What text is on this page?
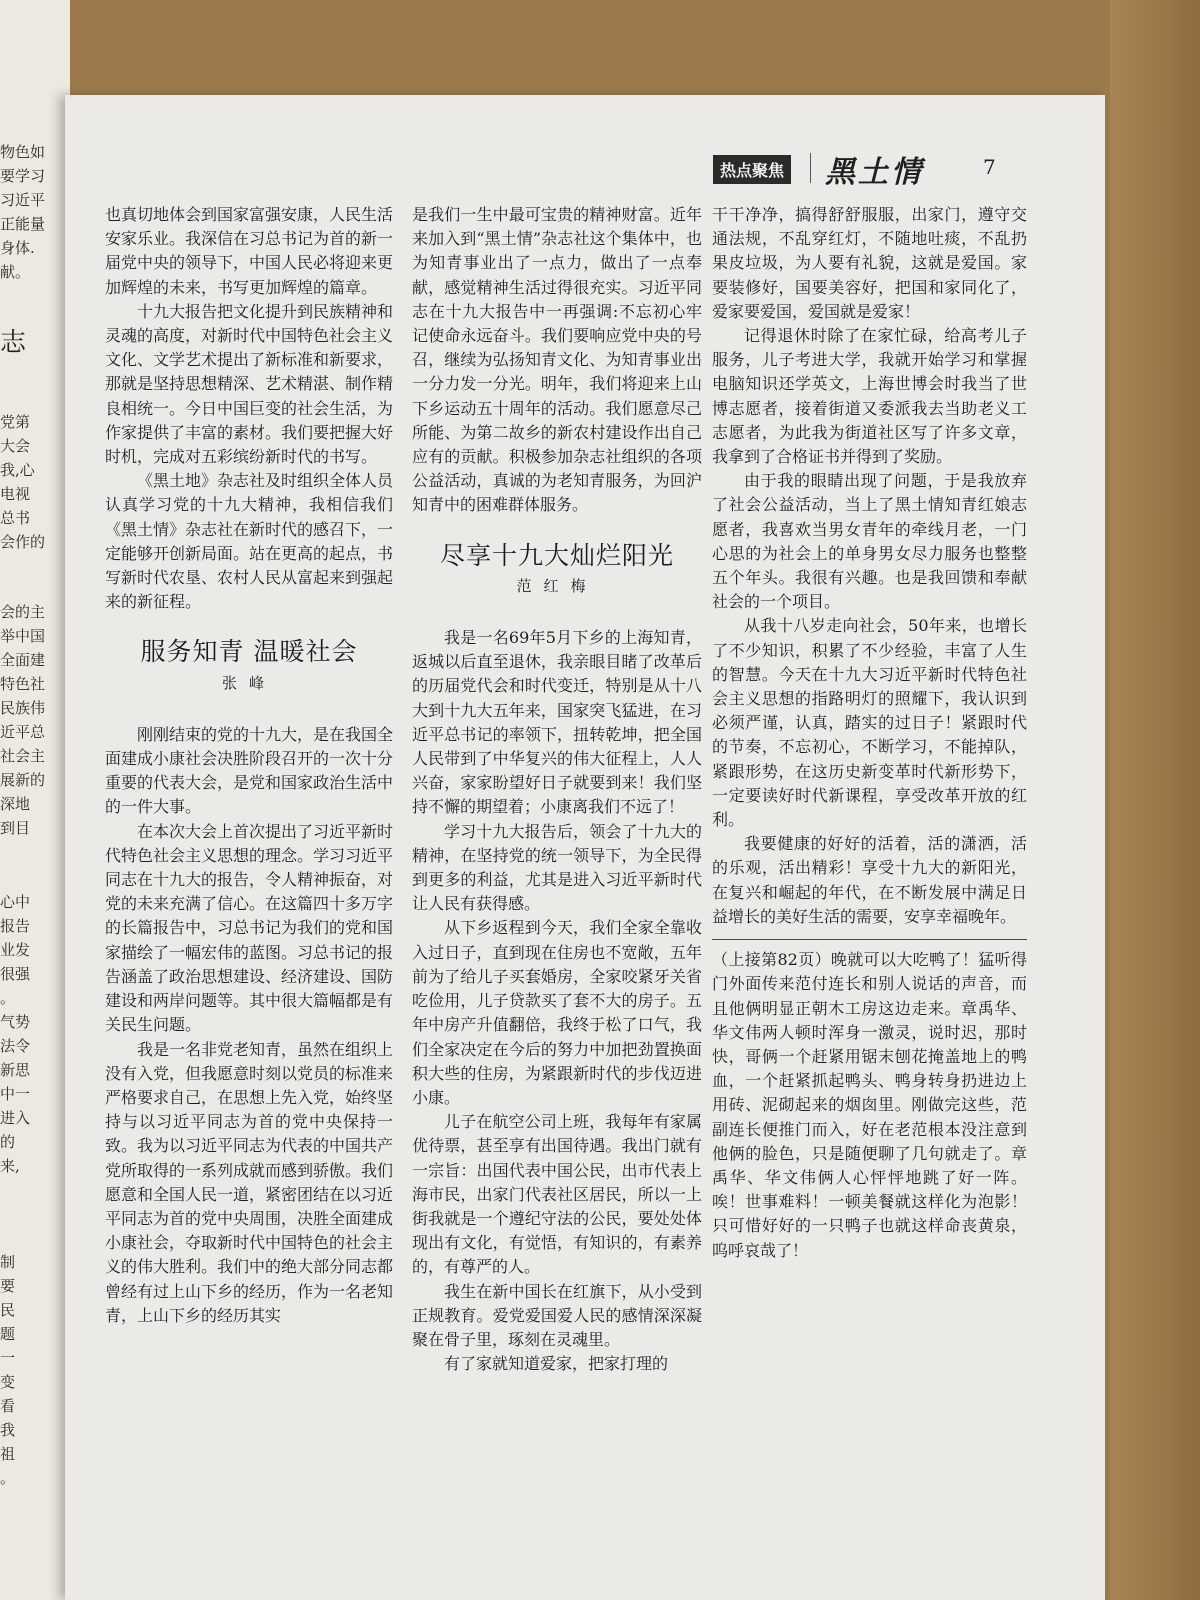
物色如
要学习
习近平
正能量
身体.
献。
志
党第
大会
我,心
电视
总书
会作的
会的主
举中国
全面建
特色社
民族伟
近平总
社会主
展新的
深地
到目
心中
报告
业发
很强
。
气势
法令
新思
中一
进入
的
来,
制
要
民
题
一
变
看
我
祖
。
热点聚焦 黑土情	7

也真切地体会到国家富强安康，人民生活安家乐业。我深信在习总书记为首的新一届党中央的领导下，中国人民必将迎来更加辉煌的未来，书写更加辉煌的篇章。

十九大报告把文化提升到民族精神和灵魂的高度，对新时代中国特色社会主义文化、文学艺术提出了新标准和新要求，那就是坚持思想精深、艺术精湛、制作精良相统一。今日中国巨变的社会生活，为作家提供了丰富的素材。我们要把握大好时机，完成对五彩缤纷新时代的书写。

《黑土地》杂志社及时组织全体人员认真学习党的十九大精神，我相信我们《黑土情》杂志社在新时代的感召下，一定能够开创新局面。站在更高的起点，书写新时代农垦、农村人民从富起来到强起来的新征程。

服务知青 温暖社会
张峰

刚刚结束的党的十九大，是在我国全面建成小康社会决胜阶段召开的一次十分重要的代表大会，是党和国家政治生活中的一件大事。

在本次大会上首次提出了习近平新时代特色社会主义思想的理念。学习习近平同志在十九大的报告，令人精神振奋，对党的未来充满了信心。在这篇四十多万字的长篇报告中，习总书记为我们的党和国家描绘了一幅宏伟的蓝图。习总书记的报告涵盖了政治思想建设、经济建设、国防建设和两岸问题等。其中很大篇幅都是有关民生问题。

我是一名非党老知青，虽然在组织上没有入党，但我愿意时刻以党员的标准来严格要求自己，在思想上先入党，始终坚持与以习近平同志为首的党中央保持一致。我为以习近平同志为代表的中国共产党所取得的一系列成就而感到骄傲。我们愿意和全国人民一道，紧密团结在以习近平同志为首的党中央周围，决胜全面建成小康社会，夺取新时代中国特色的社会主义的伟大胜利。我们中的绝大部分同志都曾经有过上山下乡的经历，作为一名老知青，上山下乡的经历其实

是我们一生中最可宝贵的精神财富。近年来加入到“黑土情”杂志社这个集体中，也为知青事业出了一点力，做出了一点奉献，感觉精神生活过得很充实。习近平同志在十九大报告中一再强调:不忘初心牢记使命永远奋斗。我们要响应党中央的号召，继续为弘扬知青文化、为知青事业出一分力发一分光。明年，我们将迎来上山下乡运动五十周年的活动。我们愿意尽己所能、为第二故乡的新农村建设作出自己应有的贡献。积极参加杂志社组织的各项公益活动，真诚的为老知青服务，为回沪知青中的困难群体服务。

尽享十九大灿烂阳光
范红梅

我是一名69年5月下乡的上海知青，返城以后直至退休，我亲眼目睹了改革后的历届党代会和时代变迁，特别是从十八大到十九大五年来，国家突飞猛进，在习近平总书记的率领下，扭转乾坤，把全国人民带到了中华复兴的伟大征程上，人人兴奋，家家盼望好日子就要到来！我们坚持不懈的期望着；小康离我们不远了！

学习十九大报告后，领会了十九大的精神，在坚持党的统一领导下，为全民得到更多的利益，尤其是进入习近平新时代让人民有获得感。

从下乡返程到今天，我们全家全靠收入过日子，直到现在住房也不宽敞，五年前为了给儿子买套婚房，全家咬紧牙关省吃俭用，儿子贷款买了套不大的房子。五年中房产升值翻倍，我终于松了口气，我们全家决定在今后的努力中加把劲置换面积大些的住房，为紧跟新时代的步伐迈进小康。

儿子在航空公司上班，我每年有家属优待票，甚至享有出国待遇。我出门就有一宗旨：出国代表中国公民，出市代表上海市民，出家门代表社区居民，所以一上街我就是一个遵纪守法的公民，要处处体现出有文化，有觉悟，有知识的，有素养的，有尊严的人。

我生在新中国长在红旗下，从小受到正规教育。爱党爱国爱人民的感情深深凝聚在骨子里，琢刻在灵魂里。

有了家就知道爱家，把家打理的

干干净净，搞得舒舒服服，出家门，遵守交通法规，不乱穿红灯，不随地吐痰，不乱扔果皮垃圾，为人要有礼貌，这就是爱国。家要装修好，国要美容好，把国和家同化了，爱家要爱国，爱国就是爱家！

记得退休时除了在家忙碌，给高考儿子服务，儿子考进大学，我就开始学习和掌握电脑知识还学英文，上海世博会时我当了世博志愿者，接着街道又委派我去当助老义工志愿者，为此我为街道社区写了许多文章，我拿到了合格证书并得到了奖励。

由于我的眼睛出现了问题，于是我放弃了社会公益活动，当上了黑土情知青红娘志愿者，我喜欢当男女青年的牵线月老，一门心思的为社会上的单身男女尽力服务也整整五个年头。我很有兴趣。也是我回馈和奉献社会的一个项目。

从我十八岁走向社会，50年来，也增长了不少知识，积累了不少经验，丰富了人生的智慧。今天在十九大习近平新时代特色社会主义思想的指路明灯的照耀下，我认识到必须严谨，认真，踏实的过日子！紧跟时代的节奏，不忘初心，不断学习，不能掉队，紧跟形势，在这历史新变革时代新形势下，一定要读好时代新课程，享受改革开放的红利。

我要健康的好好的活着，活的潇洒，活的乐观，活出精彩！享受十九大的新阳光，在复兴和崛起的年代，在不断发展中满足日益增长的美好生活的需要，安享幸福晚年。

（上接第82页）晚就可以大吃鸭了！猛听得门外面传来范付连长和别人说话的声音，而且他俩明显正朝木工房这边走来。章禹华、华文伟两人顿时浑身一激灵，说时迟，那时快，哥俩一个赶紧用锯末刨花掩盖地上的鸭血，一个赶紧抓起鸭头、鸭身转身扔进边上用砖、泥砌起来的烟囱里。刚做完这些，范副连长便推门而入，好在老范根本没注意到他俩的脸色，只是随便聊了几句就走了。章禹华、华文伟俩人心怦怦地跳了好一阵。唉！世事难料！一顿美餐就这样化为泡影！只可惜好好的一只鸭子也就这样命丧黄泉，呜呼哀哉了！
